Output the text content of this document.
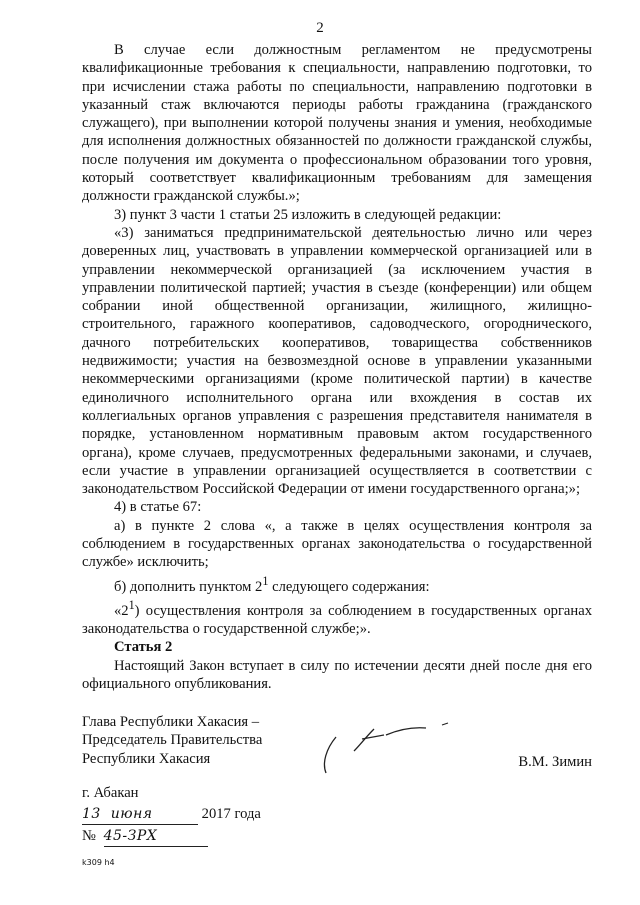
2

В случае если должностным регламентом не предусмотрены квалификационные требования к специальности, направлению подготовки, то при исчислении стажа работы по специальности, направлению подготовки в указанный стаж включаются периоды работы гражданина (гражданского служащего), при выполнении которой получены знания и умения, необходимые для исполнения должностных обязанностей по должности гражданской службы, после получения им документа о профессиональном образовании того уровня, который соответствует квалификационным требованиям для замещения должности гражданской службы.»;

3) пункт 3 части 1 статьи 25 изложить в следующей редакции:

«3) заниматься предпринимательской деятельностью лично или через доверенных лиц, участвовать в управлении коммерческой организацией или в управлении некоммерческой организацией (за исключением участия в управлении политической партией; участия в съезде (конференции) или общем собрании иной общественной организации, жилищного, жилищно-строительного, гаражного кооперативов, садоводческого, огороднического, дачного потребительских кооперативов, товарищества собственников недвижимости; участия на безвозмездной основе в управлении указанными некоммерческими организациями (кроме политической партии) в качестве единоличного исполнительного органа или вхождения в состав их коллегиальных органов управления с разрешения представителя нанимателя в порядке, установленном нормативным правовым актом государственного органа), кроме случаев, предусмотренных федеральными законами, и случаев, если участие в управлении организацией осуществляется в соответствии с законодательством Российской Федерации от имени государственного органа;»;

4) в статье 67:

а) в пункте 2 слова «, а также в целях осуществления контроля за соблюдением в государственных органах законодательства о государственной службе» исключить;

б) дополнить пунктом $2^1$ следующего содержания:

«$2^1$) осуществления контроля за соблюдением в государственных органах законодательства о государственной службе;».

Статья 2

Настоящий Закон вступает в силу по истечении десяти дней после дня его официального опубликования.

Глава Республики Хакасия –
Председатель Правительства
Республики Хакасия	В.М. Зимин
г. Абакан
13 июня	2017 года
№ 45-ЗРХ
k309 h4
